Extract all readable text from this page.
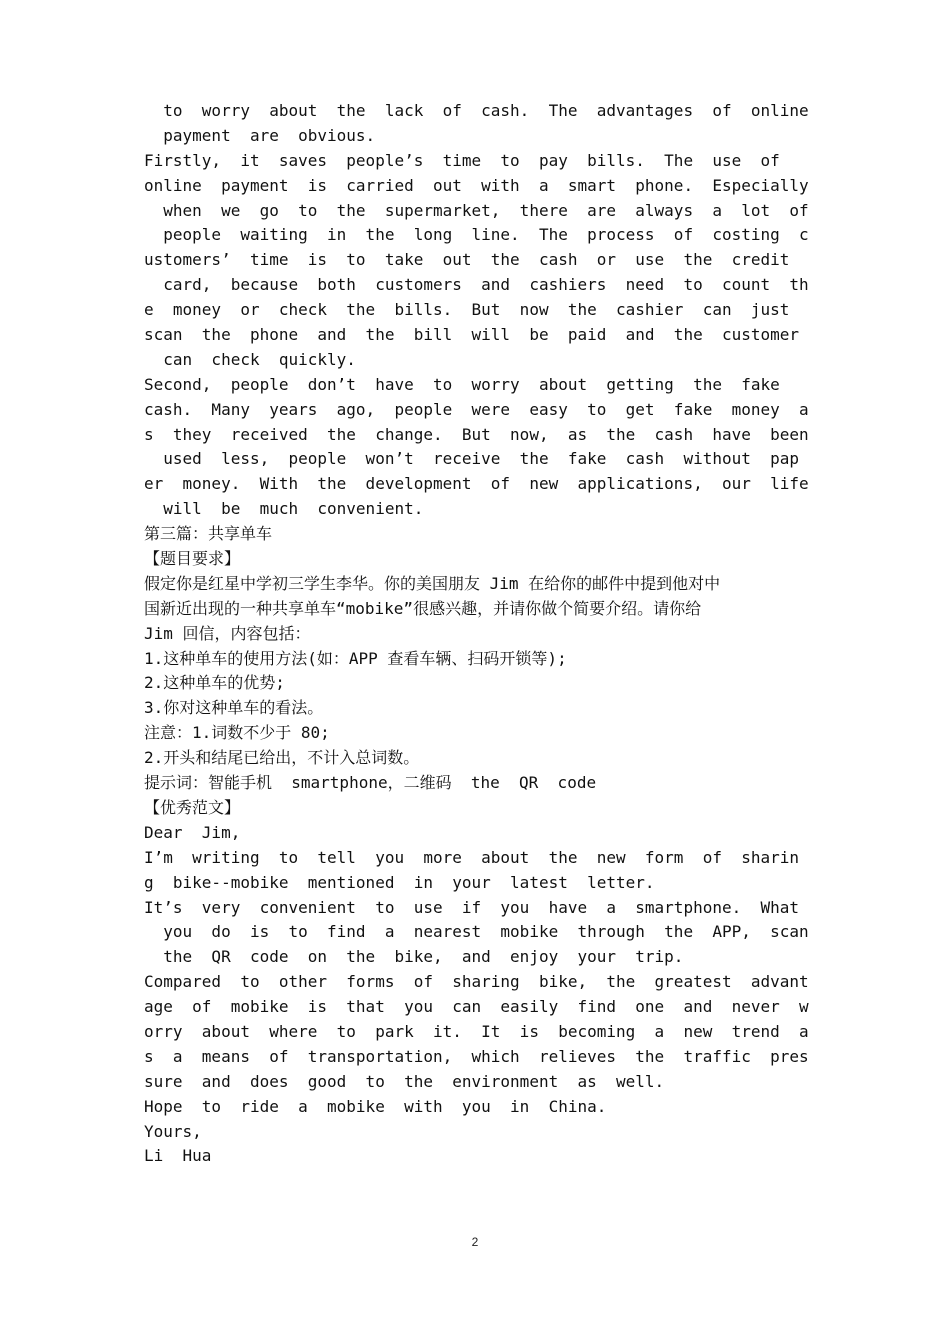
to  worry  about  the  lack  of  cash.  The  advantages  of  online
payment  are  obvious.
Firstly,  it  saves  people’s  time  to  pay  bills.  The  use  of
online  payment  is  carried  out  with  a  smart  phone.  Especially
when  we  go  to  the  supermarket,  there  are  always  a  lot  of
people  waiting  in  the  long  line.  The  process  of  costing  c
ustomers’  time  is  to  take  out  the  cash  or  use  the  credit
card,  because  both  customers  and  cashiers  need  to  count  th
e  money  or  check  the  bills.  But  now  the  cashier  can  just
scan  the  phone  and  the  bill  will  be  paid  and  the  customer
can  check  quickly.
Second,  people  don’t  have  to  worry  about  getting  the  fake
cash.  Many  years  ago,  people  were  easy  to  get  fake  money  a
s  they  received  the  change.  But  now,  as  the  cash  have  been
used  less,  people  won’t  receive  the  fake  cash  without  pap
er  money.  With  the  development  of  new  applications,  our  life
will  be  much  convenient.
第三篇：共享单车
【题目要求】
假定你是红星中学初三学生李华。你的美国朋友 Jim 在给你的邮件中提到他对中
国新近出现的一种共享单车“mobike”很感兴趣，并请你做个简要介绍。请你给
Jim 回信，内容包括：
1.这种单车的使用方法(如：APP 查看车辆、扫码开锁等);
2.这种单车的优势;
3.你对这种单车的看法。
注意：1.词数不少于 80;
2.开头和结尾已给出，不计入总词数。
提示词：智能手机  smartphone，二维码  the  QR  code
【优秀范文】
Dear  Jim,
I’m  writing  to  tell  you  more  about  the  new  form  of  sharin
g  bike--mobike  mentioned  in  your  latest  letter.
It’s  very  convenient  to  use  if  you  have  a  smartphone.  What
you  do  is  to  find  a  nearest  mobike  through  the  APP,  scan
the  QR  code  on  the  bike,  and  enjoy  your  trip.
Compared  to  other  forms  of  sharing  bike,  the  greatest  advant
age  of  mobike  is  that  you  can  easily  find  one  and  never  w
orry  about  where  to  park  it.  It  is  becoming  a  new  trend  a
s  a  means  of  transportation,  which  relieves  the  traffic  pres
sure  and  does  good  to  the  environment  as  well.
Hope  to  ride  a  mobike  with  you  in  China.
Yours,
Li  Hua
2
